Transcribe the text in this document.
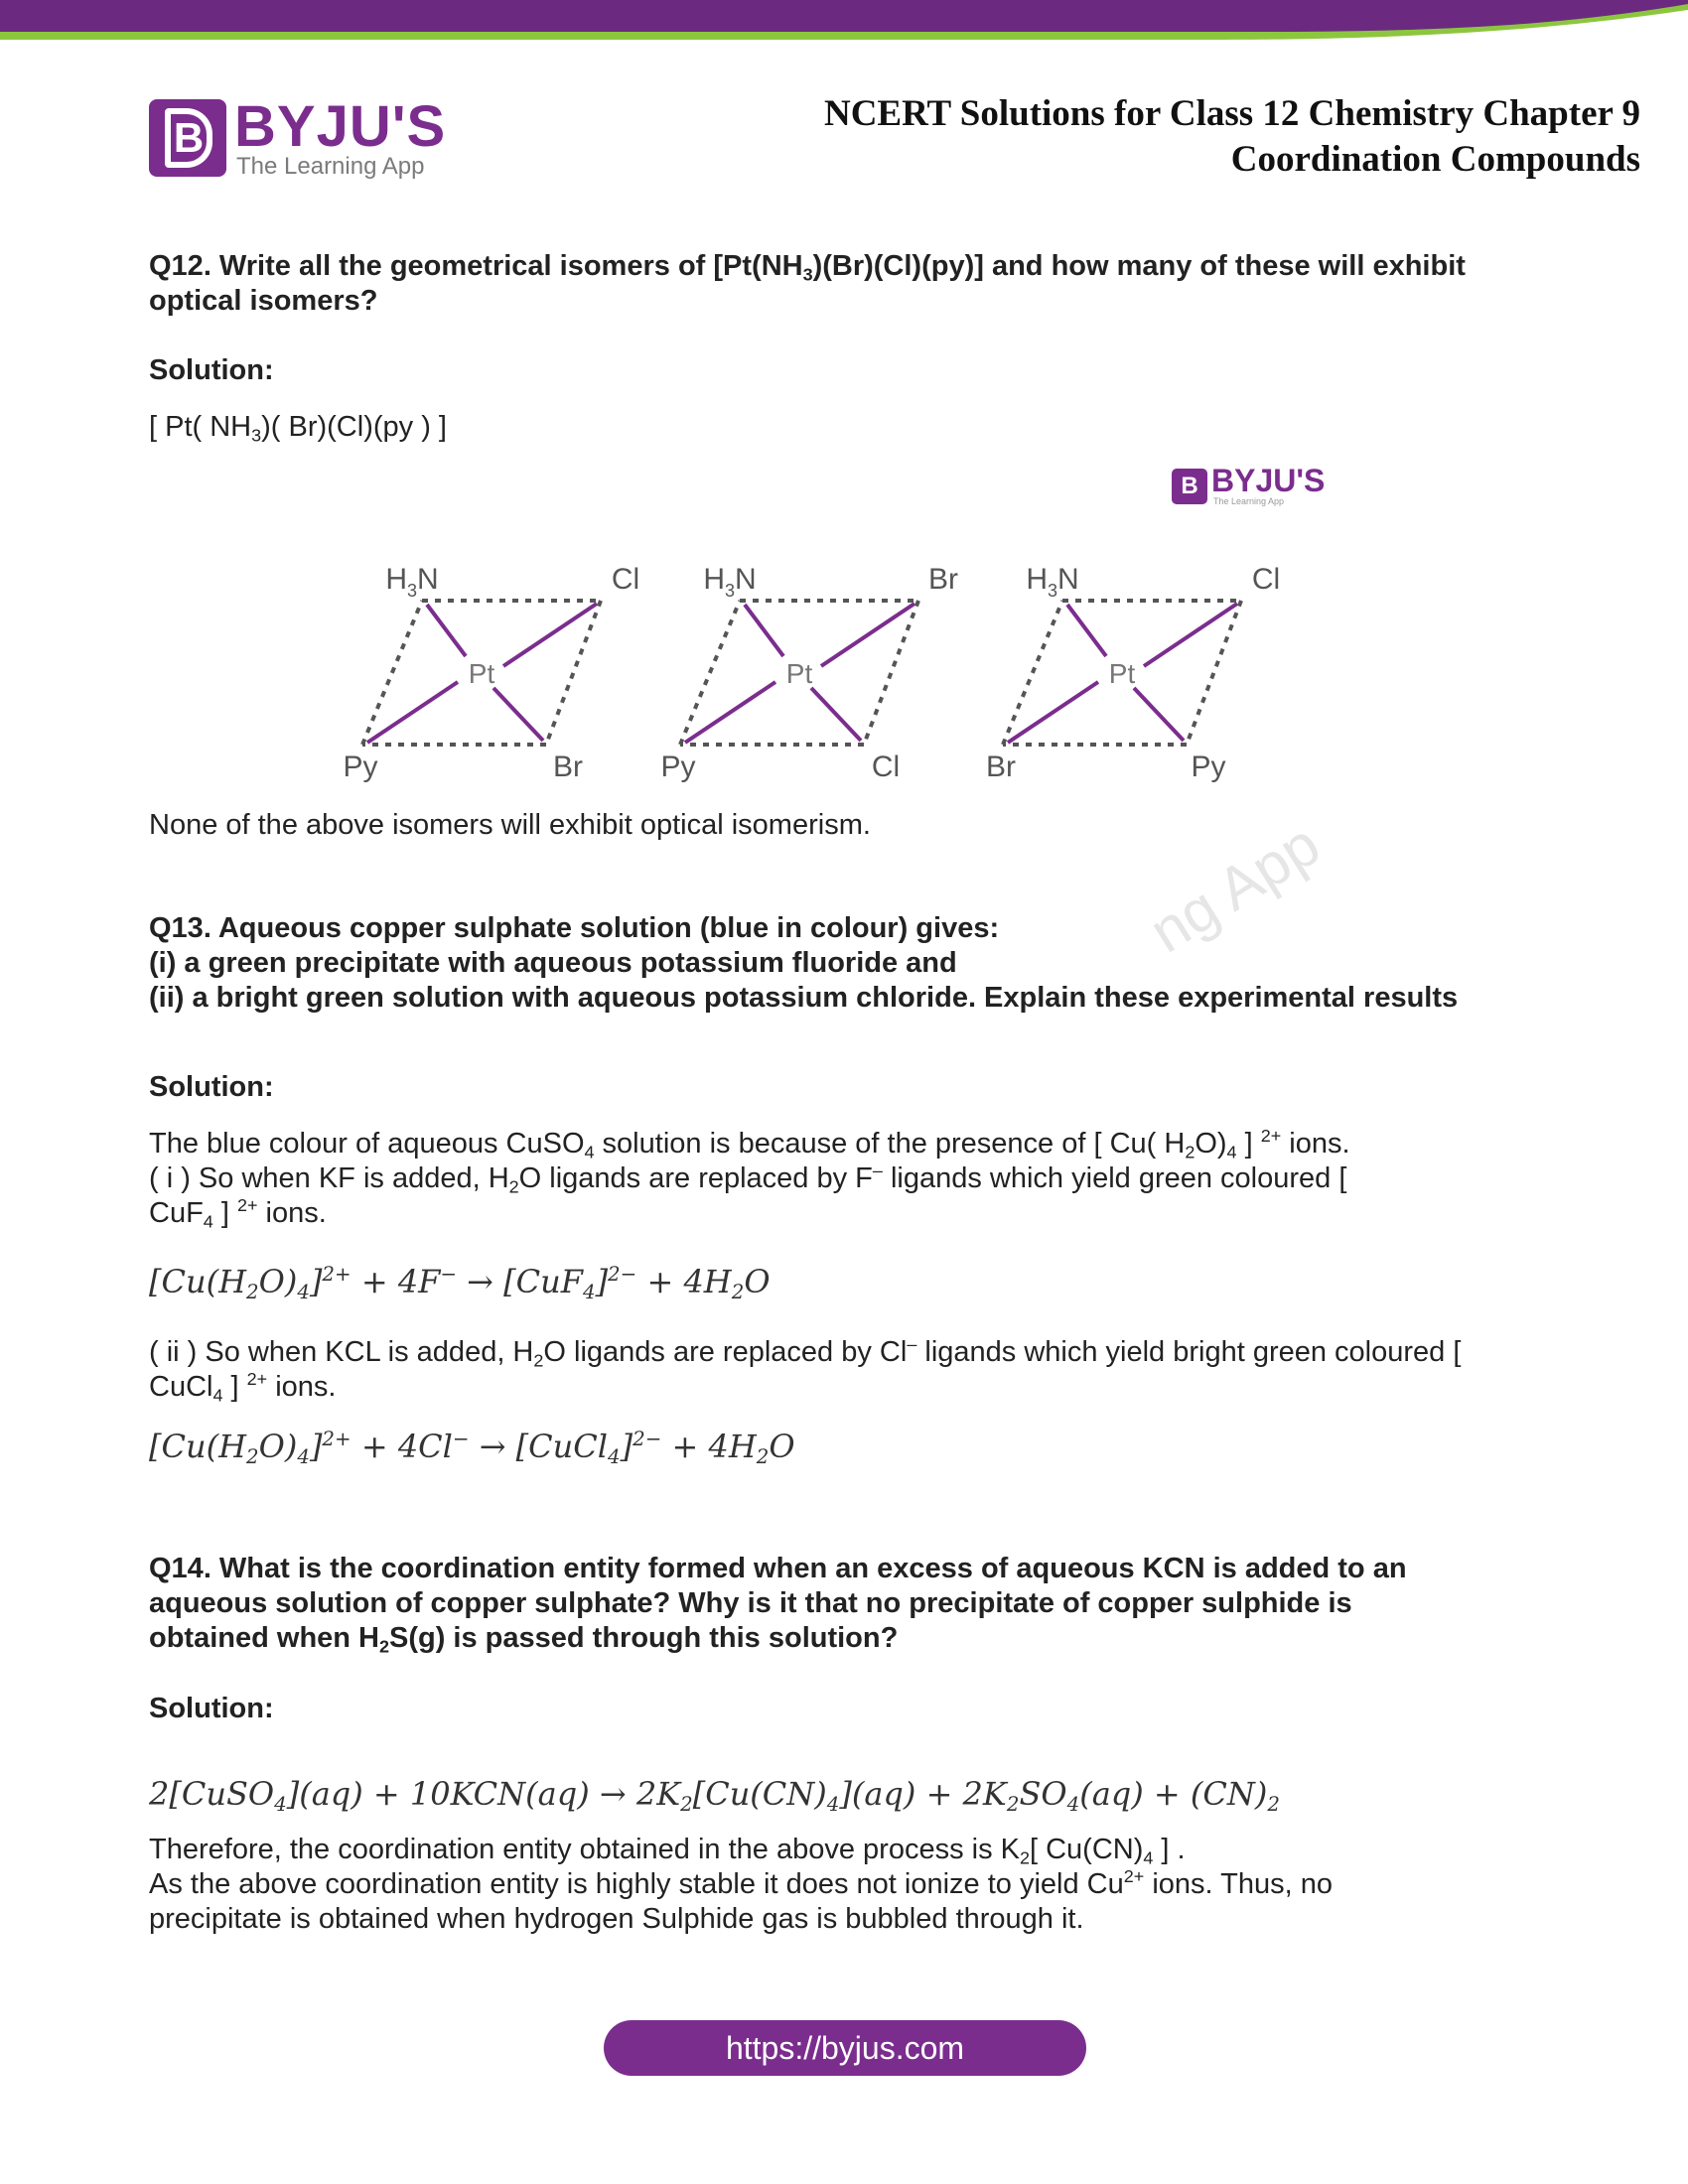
B BYJU'S
The Learning App
NCERT Solutions for Class 12 Chemistry Chapter 9
Coordination Compounds
Q12. Write all the geometrical isomers of $[Pt(NH_3)(Br)(Cl)(py)]$ and how many of these will exhibit
optical isomers?
Solution:
[ Pt( $NH_3$)( Br)(Cl)(py ) ]
B BYJU'S
The Learning App
Pt
$H_3N$	Cl
Py	Br
Pt
$H_3N$	Br
Py	Cl
Pt
$H_3N$	Cl
Br	Py
None of the above isomers will exhibit optical isomerism.	ng App
Q13. Aqueous copper sulphate solution (blue in colour) gives:
(i) a green precipitate with aqueous potassium fluoride and
(ii) a bright green solution with aqueous potassium chloride. Explain these experimental results
Solution:
The blue colour of aqueous CuSO$_4$ solution is because of the presence of [ Cu( $H_2O)_4$ ] $^{2+}$ ions.
( i ) So when KF is added, $H_2O$ ligands are replaced by F– ligands which yield green coloured [
CuF$_4$ ] $^{2+}$ ions.
$[Cu(H_2O)_4]^{2+} + 4F^- \to [CuF_4]^{2-} + 4H_2O$
( ii ) So when KCL is added, $H_2O$ ligands are replaced by Cl– ligands which yield bright green coloured [
CuCl$_4$ ] $^{2+}$ ions.
$[Cu(H_2O)_4]^{2+} + 4Cl^-$ → [CuCl$_4$]$^{2-}$ + $4H_2O$
Q14. What is the coordination entity formed when an excess of aqueous KCN is added to an
aqueous solution of copper sulphate? Why is it that no precipitate of copper sulphide is
obtained when $H_2S(g)$ is passed through this solution?
Solution:
2[CuSO$_4$](aq) + $10KCN(aq) \to 2K_2[Cu(CN)_4](aq) + 2K_2SO_4(aq) + (CN)_2$
Therefore, the coordination entity obtained in the above process is $K_2$[ $Cu(CN)_4$ ] .
As the above coordination entity is highly stable it does not ionize to yield $Cu^{2+}$ ions. Thus, no
precipitate is obtained when hydrogen Sulphide gas is bubbled through it.
https://byjus.com
